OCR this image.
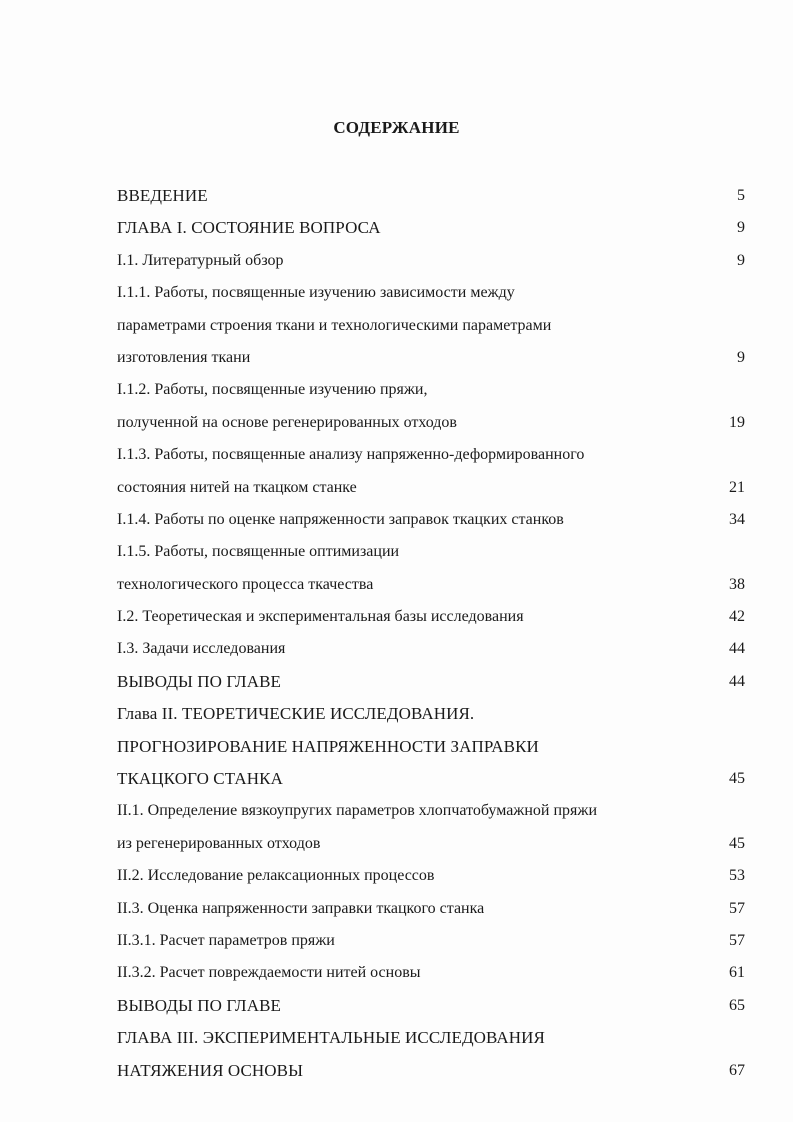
СОДЕРЖАНИЕ
ВВЕДЕНИЕ	5
ГЛАВА I. СОСТОЯНИЕ ВОПРОСА	9
I.1. Литературный обзор	9
I.1.1. Работы, посвященные изучению зависимости между
параметрами строения ткани и технологическими параметрами
изготовления ткани	9
I.1.2. Работы, посвященные изучению пряжи,
полученной на основе регенерированных отходов	19
I.1.3. Работы, посвященные анализу напряженно-деформированного
состояния нитей на ткацком станке	21
I.1.4. Работы по оценке напряженности заправок ткацких станков	34
I.1.5. Работы, посвященные оптимизации
технологического процесса ткачества	38
I.2. Теоретическая и экспериментальная базы исследования	42
I.3. Задачи исследования	44
ВЫВОДЫ ПО ГЛАВЕ	44
Глава II. ТЕОРЕТИЧЕСКИЕ ИССЛЕДОВАНИЯ.
ПРОГНОЗИРОВАНИЕ НАПРЯЖЕННОСТИ ЗАПРАВКИ
ТКАЦКОГО СТАНКА	45
II.1. Определение вязкоупругих параметров хлопчатобумажной пряжи
из регенерированных отходов	45
II.2. Исследование релаксационных процессов	53
II.3. Оценка напряженности заправки ткацкого станка	57
II.3.1. Расчет параметров пряжи	57
II.3.2. Расчет повреждаемости нитей основы	61
ВЫВОДЫ ПО ГЛАВЕ	65
ГЛАВА III. ЭКСПЕРИМЕНТАЛЬНЫЕ ИССЛЕДОВАНИЯ
НАТЯЖЕНИЯ ОСНОВЫ	67
